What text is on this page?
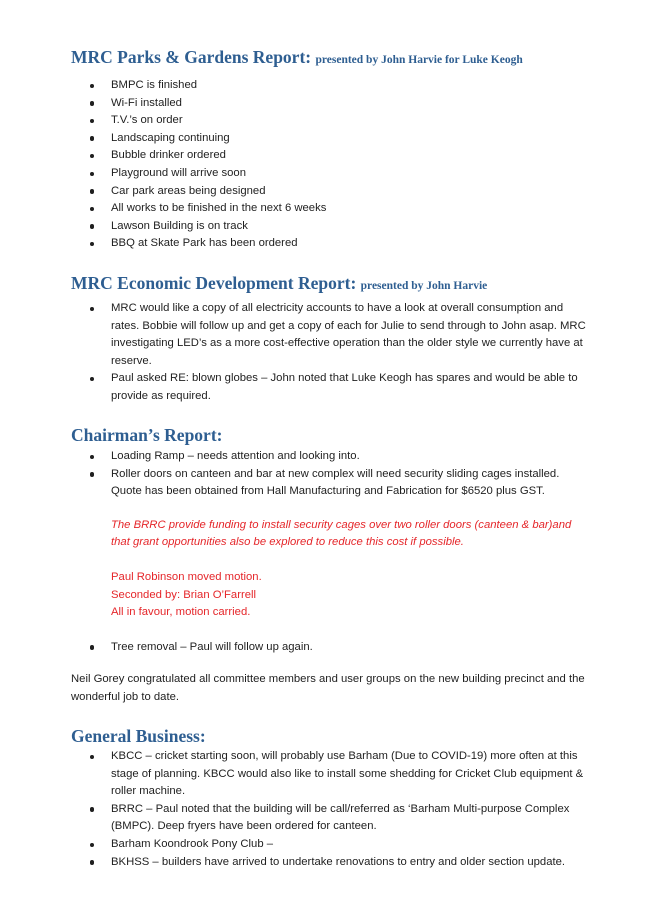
MRC Parks & Gardens Report: presented by John Harvie for Luke Keogh
BMPC is finished
Wi-Fi installed
T.V.’s on order
Landscaping continuing
Bubble drinker ordered
Playground will arrive soon
Car park areas being designed
All works to be finished in the next 6 weeks
Lawson Building is on track
BBQ at Skate Park has been ordered
MRC Economic Development Report: presented by John Harvie
MRC would like a copy of all electricity accounts to have a look at overall consumption and rates. Bobbie will follow up and get a copy of each for Julie to send through to John asap. MRC investigating LED’s as a more cost-effective operation than the older style we currently have at reserve.
Paul asked RE: blown globes – John noted that Luke Keogh has spares and would be able to provide as required.
Chairman’s Report:
Loading Ramp – needs attention and looking into.
Roller doors on canteen and bar at new complex will need security sliding cages installed. Quote has been obtained from Hall Manufacturing and Fabrication for $6520 plus GST.

The BRRC provide funding to install security cages over two roller doors (canteen & bar)and that grant opportunities also be explored to reduce this cost if possible.

Paul Robinson moved motion.

Seconded by: Brian O’Farrell

All in favour, motion carried.

Tree removal – Paul will follow up again.

Neil Gorey congratulated all committee members and user groups on the new building precinct and the wonderful job to date.

General Business:
KBCC – cricket starting soon, will probably use Barham (Due to COVID-19) more often at this stage of planning. KBCC would also like to install some shedding for Cricket Club equipment & roller machine.
BRRC – Paul noted that the building will be call/referred as ‘Barham Multi-purpose Complex (BMPC). Deep fryers have been ordered for canteen.
Barham Koondrook Pony Club –
BKHSS – builders have arrived to undertake renovations to entry and older section update.
